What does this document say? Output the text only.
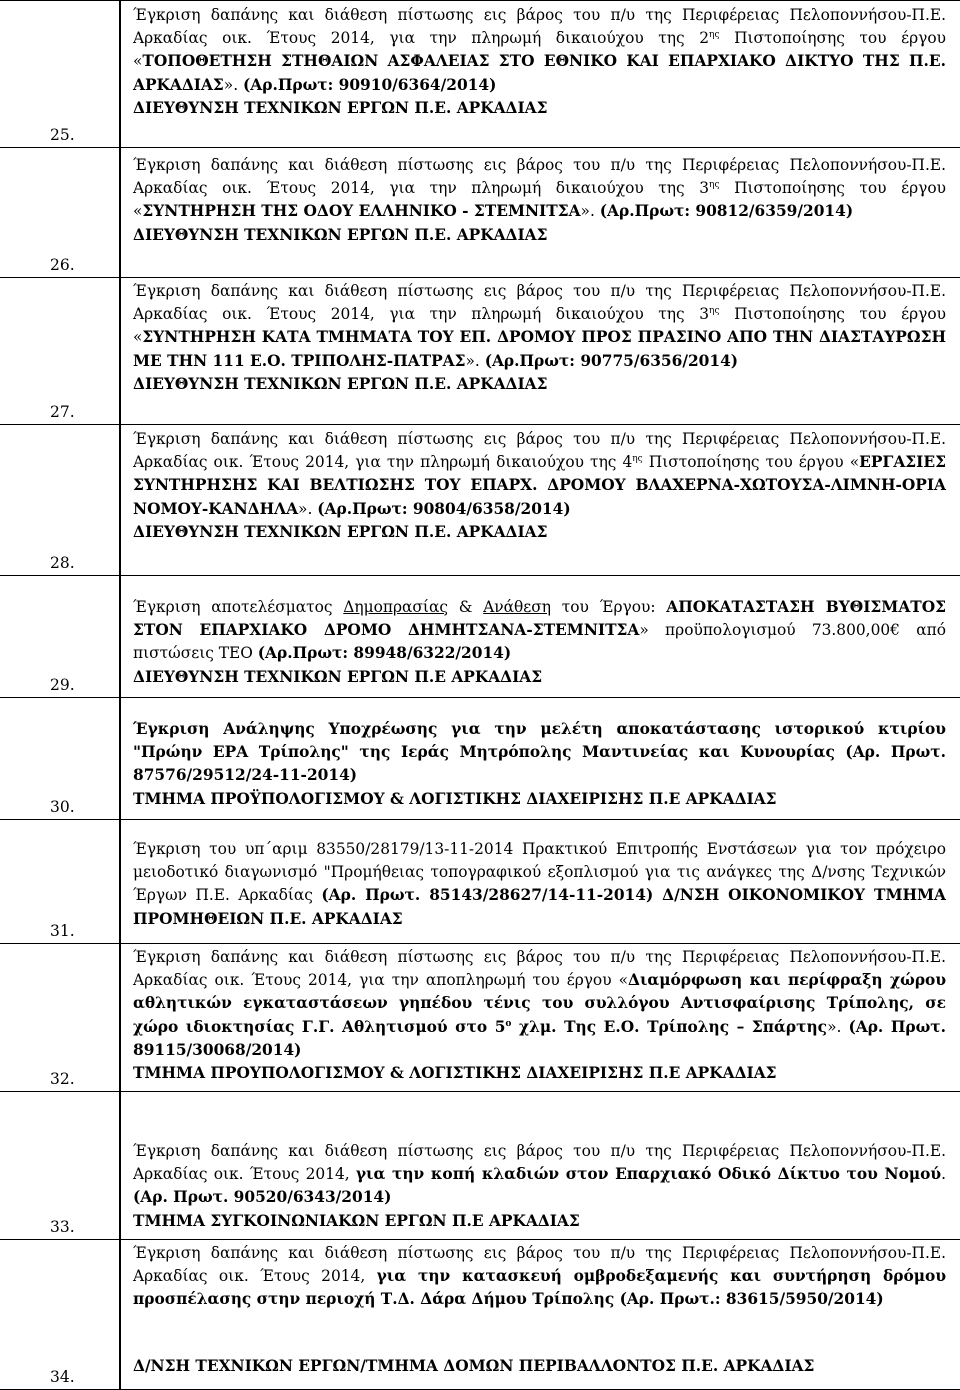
Έγκριση δαπάνης και διάθεση πίστωσης εις βάρος του π/υ της Περιφέρειας Πελοποννήσου-Π.Ε. Αρκαδίας οικ. Έτους 2014, για την πληρωμή δικαιούχου της $2^{\eta\varsigma}$ Πιστοποίησης του έργου «ΤΟΠΟΘΕΤΗΣΗ ΣΤΗΘΑΙΩΝ ΑΣΦΑΛΕΙΑΣ ΣΤΟ ΕΘΝΙΚΟ ΚΑΙ ΕΠΑΡΧΙΑΚΟ ΔΙΚΤΥΟ ΤΗΣ Π.Ε. ΑΡΚΑΔΙΑΣ». (Αρ.Πρωτ: 90910/6364/2014)

ΔΙΕΥΘΥΝΣΗ ΤΕΧΝΙΚΩΝ ΕΡΓΩΝ Π.Ε. ΑΡΚΑΔΙΑΣ

25.

Έγκριση δαπάνης και διάθεση πίστωσης εις βάρος του π/υ της Περιφέρειας Πελοποννήσου-Π.Ε. Αρκαδίας οικ. Έτους 2014, για την πληρωμή δικαιούχου της $3^{\eta\varsigma}$ Πιστοποίησης του έργου «ΣΥΝΤΗΡΗΣΗ ΤΗΣ ΟΔΟΥ ΕΛΛΗΝΙΚΟ - ΣΤΕΜΝΙΤΣΑ». (Αρ.Πρωτ: 90812/6359/2014)

ΔΙΕΥΘΥΝΣΗ ΤΕΧΝΙΚΩΝ ΕΡΓΩΝ Π.Ε. ΑΡΚΑΔΙΑΣ

26.

Έγκριση δαπάνης και διάθεση πίστωσης εις βάρος του π/υ της Περιφέρειας Πελοποννήσου-Π.Ε. Αρκαδίας οικ. Έτους 2014, για την πληρωμή δικαιούχου της $3^{\eta\varsigma}$ Πιστοποίησης του έργου «ΣΥΝΤΗΡΗΣΗ ΚΑΤΑ ΤΜΗΜΑΤΑ ΤΟΥ ΕΠ. ΔΡΟΜΟΥ ΠΡΟΣ ΠΡΑΣΙΝΟ ΑΠΟ ΤΗΝ ΔΙΑΣΤΑΥΡΩΣΗ ΜΕ ΤΗΝ 111 Ε.Ο. ΤΡΙΠΟΛΗΣ-ΠΑΤΡΑΣ». (Αρ.Πρωτ: 90775/6356/2014)

ΔΙΕΥΘΥΝΣΗ ΤΕΧΝΙΚΩΝ ΕΡΓΩΝ Π.Ε. ΑΡΚΑΔΙΑΣ

27.

Έγκριση δαπάνης και διάθεση πίστωσης εις βάρος του π/υ της Περιφέρειας Πελοποννήσου-Π.Ε. Αρκαδίας οικ. Έτους 2014, για την πληρωμή δικαιούχου της $4^{\eta\varsigma}$ Πιστοποίησης του έργου «ΕΡΓΑΣΙΕΣ ΣΥΝΤΗΡΗΣΗΣ ΚΑΙ ΒΕΛΤΙΩΣΗΣ ΤΟΥ ΕΠΑΡΧ. ΔΡΟΜΟΥ ΒΛΑΧΕΡΝΑ-ΧΩΤΟΥΣΑ-ΛΙΜΝΗ-ΟΡΙΑ ΝΟΜΟΥ-ΚΑΝΔΗΛΑ». (Αρ.Πρωτ: 90804/6358/2014)

ΔΙΕΥΘΥΝΣΗ ΤΕΧΝΙΚΩΝ ΕΡΓΩΝ Π.Ε. ΑΡΚΑΔΙΑΣ

28.

Έγκριση αποτελέσματος Δημοπρασίας & Ανάθεση του Έργου: ΑΠΟΚΑΤΑΣΤΑΣΗ ΒΥΘΙΣΜΑΤΟΣ ΣΤΟΝ ΕΠΑΡΧΙΑΚΟ ΔΡΟΜΟ ΔΗΜΗΤΣΑΝΑ-ΣΤΕΜΝΙΤΣΑ» προϋπολογισμού 73.800,00€ από πιστώσεις ΤΕΟ (Αρ.Πρωτ: 89948/6322/2014)

ΔΙΕΥΘΥΝΣΗ ΤΕΧΝΙΚΩΝ ΕΡΓΩΝ Π.Ε ΑΡΚΑΔΙΑΣ

29.

Έγκριση Ανάληψης Υποχρέωσης για την μελέτη αποκατάστασης ιστορικού κτιρίου "Πρώην ΕΡΑ Τρίπολης" της Ιεράς Μητρόπολης Μαντινείας και Κυνουρίας (Αρ. Πρωτ. 87576/29512/24-11-2014)

ΤΜΗΜΑ ΠΡΟΫΠΟΛΟΓΙΣΜΟΥ & ΛΟΓΙΣΤΙΚΗΣ ΔΙΑΧΕΙΡΙΣΗΣ Π.Ε ΑΡΚΑΔΙΑΣ

30.

Έγκριση του υπ΄αριμ 83550/28179/13-11-2014 Πρακτικού Επιτροπής Ενστάσεων για τον πρόχειρο μειοδοτικό διαγωνισμό "Προμήθειας τοπογραφικού εξοπλισμού για τις ανάγκες της Δ/νσης Τεχνικών Έργων Π.Ε. Αρκαδίας (Αρ. Πρωτ. 85143/28627/14-11-2014) Δ/ΝΣΗ ΟΙΚΟΝΟΜΙΚΟΥ ΤΜΗΜΑ ΠΡΟΜΗΘΕΙΩΝ Π.Ε. ΑΡΚΑΔΙΑΣ

31.

Έγκριση δαπάνης και διάθεση πίστωσης εις βάρος του π/υ της Περιφέρειας Πελοποννήσου-Π.Ε. Αρκαδίας οικ. Έτους 2014, για την αποπληρωμή του έργου «Διαμόρφωση και περίφραξη χώρου αθλητικών εγκαταστάσεων γηπέδου τένις του συλλόγου Αντισφαίρισης Τρίπολης, σε χώρο ιδιοκτησίας Γ.Γ. Αθλητισμού στο $5^o$ χλμ. Της Ε.Ο. Τρίπολης – Σπάρτης». (Αρ. Πρωτ. 89115/30068/2014)

ΤΜΗΜΑ ΠΡΟΥΠΟΛΟΓΙΣΜΟΥ & ΛΟΓΙΣΤΙΚΗΣ ΔΙΑΧΕΙΡΙΣΗΣ Π.Ε ΑΡΚΑΔΙΑΣ

32.

Έγκριση δαπάνης και διάθεση πίστωσης εις βάρος του π/υ της Περιφέρειας Πελοποννήσου-Π.Ε. Αρκαδίας οικ. Έτους 2014, για την κοπή κλαδιών στον Επαρχιακό Οδικό Δίκτυο του Νομού. (Αρ. Πρωτ. 90520/6343/2014)

ΤΜΗΜΑ ΣΥΓΚΟΙΝΩΝΙΑΚΩΝ ΕΡΓΩΝ Π.Ε ΑΡΚΑΔΙΑΣ

33.

Έγκριση δαπάνης και διάθεση πίστωσης εις βάρος του π/υ της Περιφέρειας Πελοποννήσου-Π.Ε. Αρκαδίας οικ. Έτους 2014, για την κατασκευή ομβροδεξαμενής και συντήρηση δρόμου προσπέλασης στην περιοχή Τ.Δ. Δάρα Δήμου Τρίπολης (Αρ. Πρωτ.: 83615/5950/2014)

Δ/ΝΣΗ ΤΕΧΝΙΚΩΝ ΕΡΓΩΝ/ΤΜΗΜΑ ΔΟΜΩΝ ΠΕΡΙΒΑΛΛΟΝΤΟΣ Π.Ε. ΑΡΚΑΔΙΑΣ

34.
